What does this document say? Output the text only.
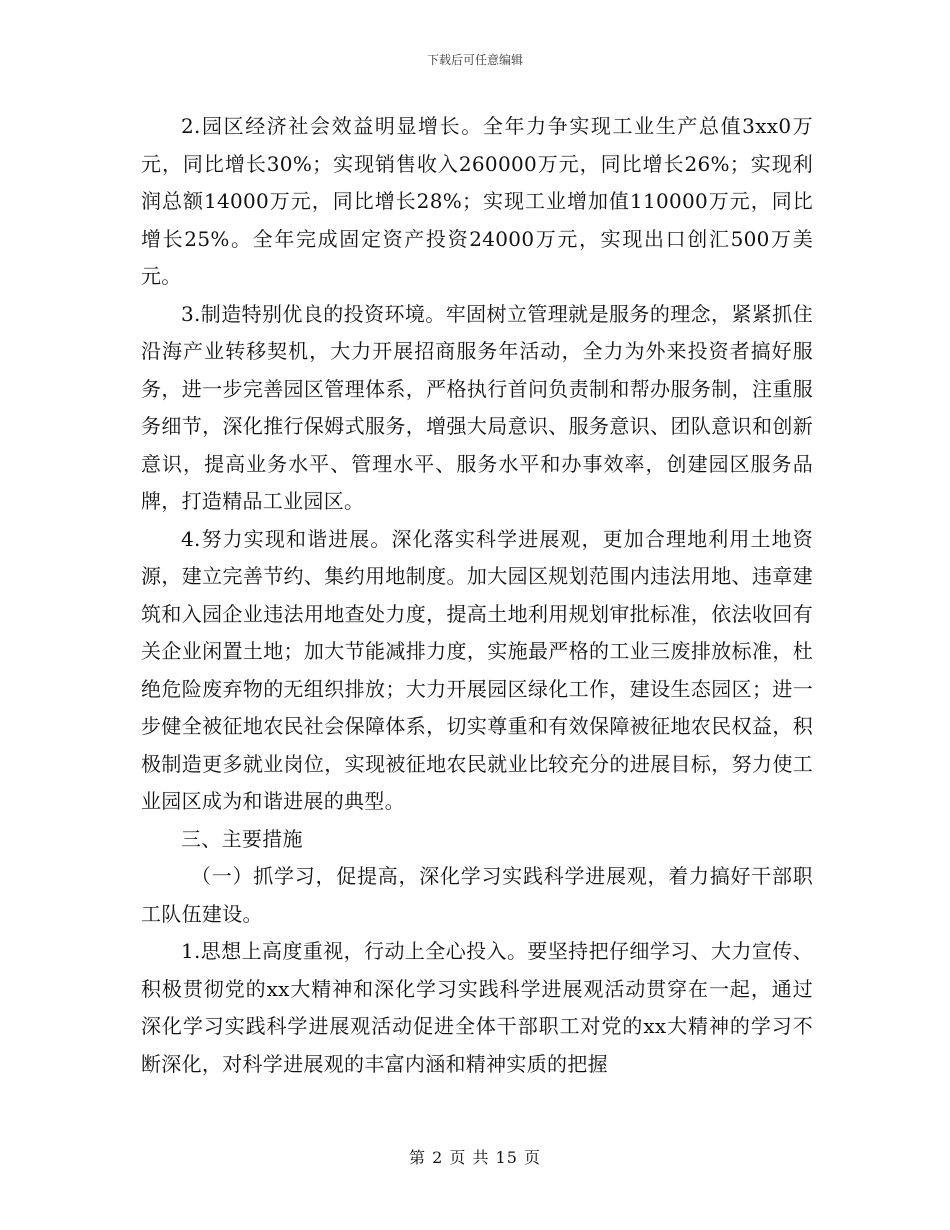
下载后可任意编辑

2.园区经济社会效益明显增长。全年力争实现工业生产总值3xx0万元，同比增长30%；实现销售收入260000万元，同比增长26%；实现利润总额14000万元，同比增长28%；实现工业增加值110000万元，同比增长25%。全年完成固定资产投资24000万元，实现出口创汇500万美元。

3.制造特别优良的投资环境。牢固树立管理就是服务的理念，紧紧抓住沿海产业转移契机，大力开展招商服务年活动，全力为外来投资者搞好服务，进一步完善园区管理体系，严格执行首问负责制和帮办服务制，注重服务细节，深化推行保姆式服务，增强大局意识、服务意识、团队意识和创新意识，提高业务水平、管理水平、服务水平和办事效率，创建园区服务品牌，打造精品工业园区。

4.努力实现和谐进展。深化落实科学进展观，更加合理地利用土地资源，建立完善节约、集约用地制度。加大园区规划范围内违法用地、违章建筑和入园企业违法用地查处力度，提高土地利用规划审批标准，依法收回有关企业闲置土地；加大节能减排力度，实施最严格的工业三废排放标准，杜绝危险废弃物的无组织排放；大力开展园区绿化工作，建设生态园区；进一步健全被征地农民社会保障体系，切实尊重和有效保障被征地农民权益，积极制造更多就业岗位，实现被征地农民就业比较充分的进展目标，努力使工业园区成为和谐进展的典型。

三、主要措施

（一）抓学习，促提高，深化学习实践科学进展观，着力搞好干部职工队伍建设。

1.思想上高度重视，行动上全心投入。要坚持把仔细学习、大力宣传、积极贯彻党的xx大精神和深化学习实践科学进展观活动贯穿在一起，通过深化学习实践科学进展观活动促进全体干部职工对党的xx大精神的学习不断深化，对科学进展观的丰富内涵和精神实质的把握

第 2 页 共 15 页
